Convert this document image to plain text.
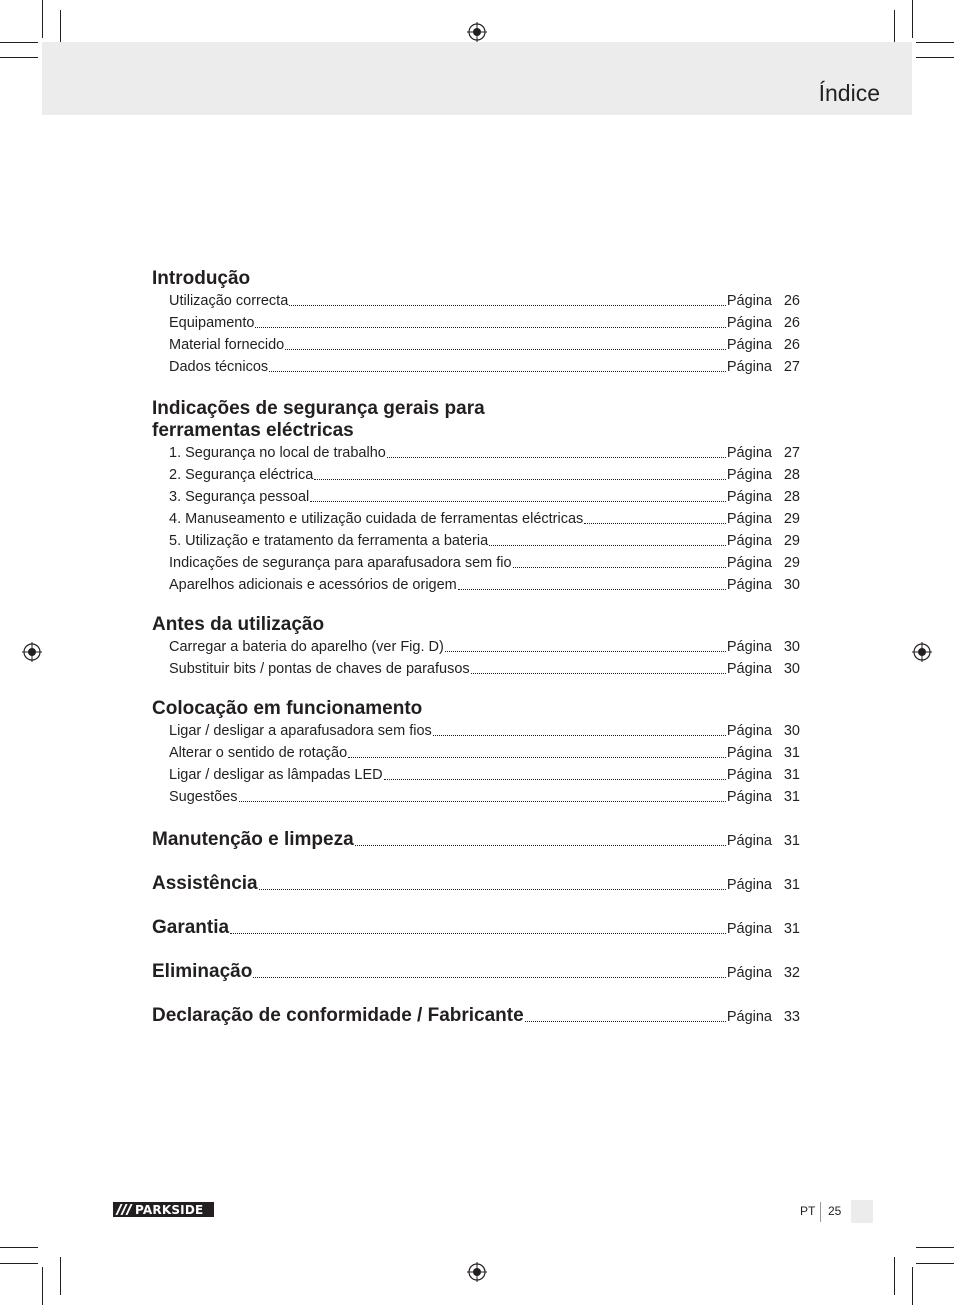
Índice
Introdução
Utilização correcta	Página 26
Equipamento	Página 26
Material fornecido	Página 26
Dados técnicos	Página 27
Indicações de segurança gerais para
ferramentas eléctricas
1. Segurança no local de trabalho	Página 27
2. Segurança eléctrica	Página 28
3. Segurança pessoal	Página 28
4. Manuseamento e utilização cuidada de ferramentas eléctricas	Página 29
5. Utilização e tratamento da ferramenta a bateria	Página 29
Indicações de segurança para aparafusadora sem fio	Página 29
Aparelhos adicionais e acessórios de origem	Página 30
Antes da utilização
Carregar a bateria do aparelho (ver Fig. D)	Página 30
Substituir bits / pontas de chaves de parafusos	Página 30
Colocação em funcionamento
Ligar / desligar a aparafusadora sem fios	Página 30
Alterar o sentido de rotação	Página 31
Ligar / desligar as lâmpadas LED	Página 31
Sugestões	Página 31
Manutenção e limpeza	Página 31
Assistência	Página 31
Garantia	Página 31
Eliminação	Página 32
Declaração de conformidade / Fabricante	Página 33
PARKSIDE	PT 25
